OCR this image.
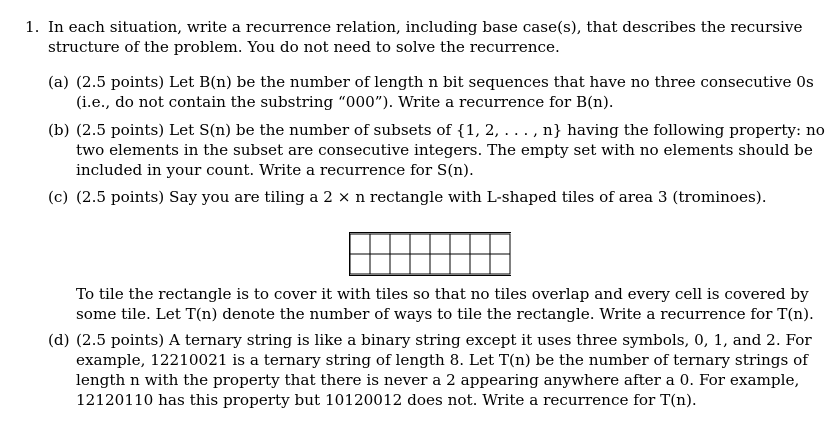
1. In each situation, write a recurrence relation, including base case(s), that describes the recursive
structure of the problem. You do not need to solve the recurrence.
(a) (2.5 points) Let B(n) be the number of length n bit sequences that have no three consecutive 0s
(i.e., do not contain the substring “000”). Write a recurrence for B(n).
(b) (2.5 points) Let S(n) be the number of subsets of {1, 2, . . . , n} having the following property: no
two elements in the subset are consecutive integers. The empty set with no elements should be
included in your count. Write a recurrence for S(n).
(c) (2.5 points) Say you are tiling a 2 × n rectangle with L-shaped tiles of area 3 (trominoes).
To tile the rectangle is to cover it with tiles so that no tiles overlap and every cell is covered by
some tile. Let T(n) denote the number of ways to tile the rectangle. Write a recurrence for T(n).
(d) (2.5 points) A ternary string is like a binary string except it uses three symbols, 0, 1, and 2. For
example, 12210021 is a ternary string of length 8. Let T(n) be the number of ternary strings of
length n with the property that there is never a 2 appearing anywhere after a 0. For example,
12120110 has this property but 10120012 does not. Write a recurrence for T(n).
